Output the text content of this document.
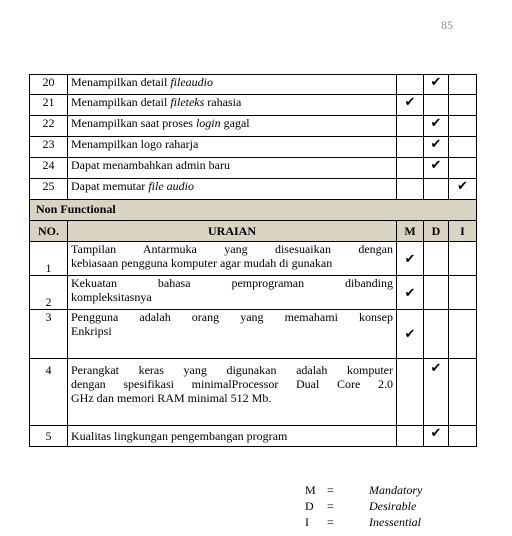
85
20	Menampilkan detail fileaudio		✔	
21	Menampilkan detail fileteks rahasia	✔		
22	Menampilkan saat proses login gagal		✔	
23	Menampilkan logo raharja		✔	
24	Dapat menambahkan admin baru		✔	
25	Dapat memutar file audio			✔
Non Functional				
NO.	URAIAN	M	D	I
1	Tampilan Antarmuka yang disesuaikan dengan
kebiasaan pengguna komputer agar mudah di gunakan	✔		
2	Kekuatan bahasa pemprograman dibanding
kompleksitasnya	✔		
3	Pengguna adalah orang yang memahami konsep
Enkripsi	✔		
4	Perangkat keras yang digunakan adalah komputer
dengan spesifikasi minimalProcessor Dual Core 2.0
GHz dan memori RAM minimal 512 Mb.		✔	
5	Kualitas lingkungan pengembangan program		✔	
M =	Mandatory
D	=	Desirable
I	=	Inessential
